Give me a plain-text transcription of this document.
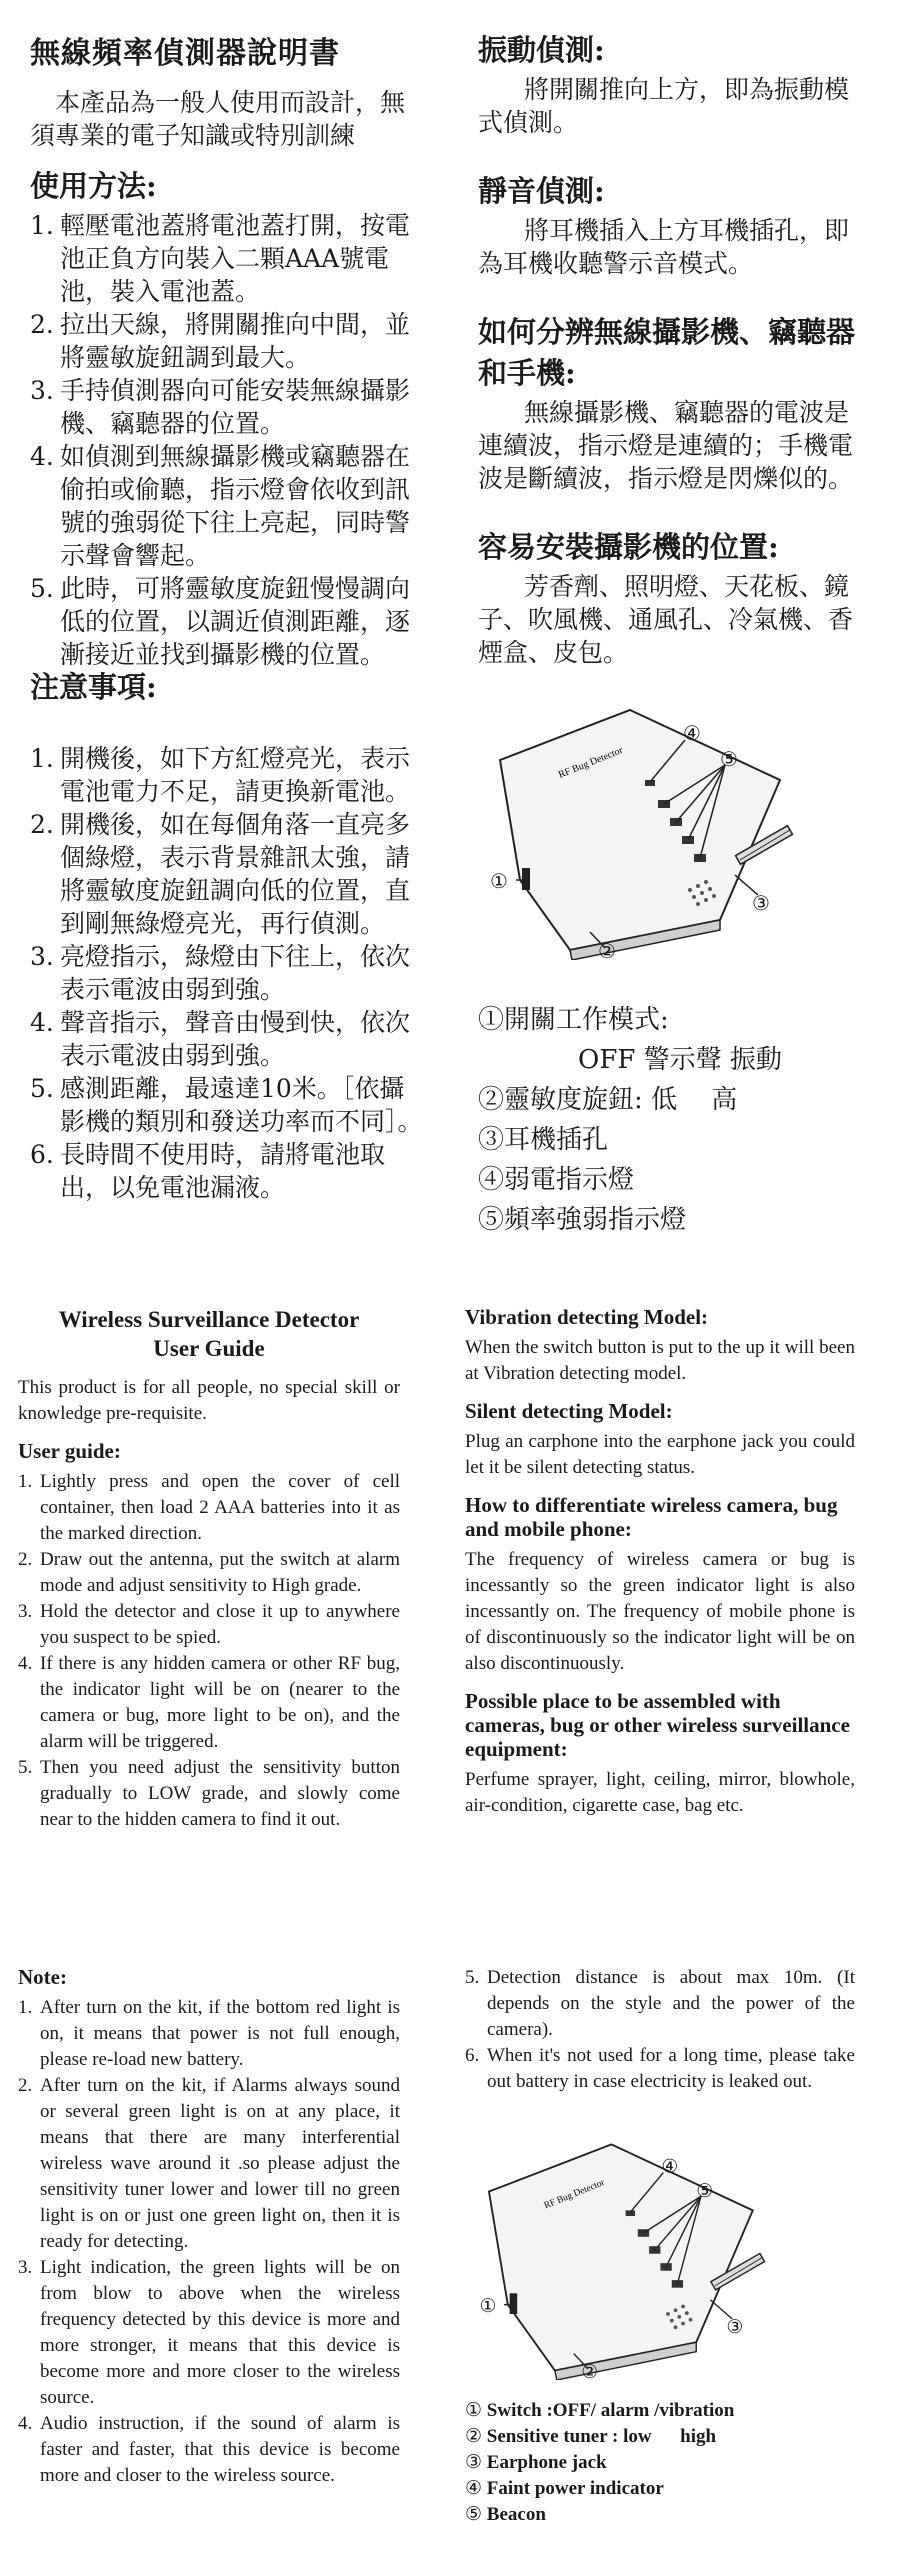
無線頻率偵測器說明書

本產品為一般人使用而設計，無須專業的電子知識或特別訓練

使用方法:
1. 輕壓電池蓋將電池蓋打開，按電池正負方向裝入二顆AAA號電池，裝入電池蓋。
2. 拉出天線，將開關推向中間，並將靈敏旋鈕調到最大。
3. 手持偵測器向可能安裝無線攝影機、竊聽器的位置。
4. 如偵測到無線攝影機或竊聽器在偷拍或偷聽，指示燈會依收到訊號的強弱從下往上亮起，同時警示聲會響起。
5. 此時，可將靈敏度旋鈕慢慢調向低的位置，以調近偵測距離，逐漸接近並找到攝影機的位置。
注意事項:
1. 開機後，如下方紅燈亮光，表示電池電力不足，請更換新電池。
2. 開機後，如在每個角落一直亮多個綠燈，表示背景雜訊太強，請將靈敏度旋鈕調向低的位置，直到剛無綠燈亮光，再行偵測。
3. 亮燈指示，綠燈由下往上，依次表示電波由弱到強。
4. 聲音指示，聲音由慢到快，依次表示電波由弱到強。
5. 感測距離，最遠達10米。［依攝影機的類別和發送功率而不同］。
6. 長時間不使用時，請將電池取出，以免電池漏液。
振動偵測:

將開關推向上方，即為振動模式偵測。

靜音偵測:

將耳機插入上方耳機插孔，即為耳機收聽警示音模式。

如何分辨無線攝影機、竊聽器和手機:

無線攝影機、竊聽器的電波是連續波，指示燈是連續的；手機電波是斷續波，指示燈是閃爍似的。

容易安裝攝影機的位置:

芳香劑、照明燈、天花板、鏡子、吹風機、通風孔、冷氣機、香煙盒、皮包。

RF Bug Detector
④
⑤
①
②
③
①開關工作模式:
OFF 警示聲 振動
②靈敏度旋鈕: 低　 高
③耳機插孔
④弱電指示燈
⑤頻率強弱指示燈
Wireless Surveillance Detector
User Guide

This product is for all people, no special skill or knowledge pre-requisite.

User guide:
1. Lightly press and open the cover of cell container, then load 2 AAA batteries into it as the marked direction.
2. Draw out the antenna, put the switch at alarm mode and adjust sensitivity to High grade.
3. Hold the detector and close it up to anywhere you suspect to be spied.
4. If there is any hidden camera or other RF bug, the indicator light will be on (nearer to the camera or bug, more light to be on), and the alarm will be triggered.
5. Then you need adjust the sensitivity button gradually to LOW grade, and slowly come near to the hidden camera to find it out.
Note:
1. After turn on the kit, if the bottom red light is on, it means that power is not full enough, please re-load new battery.
2. After turn on the kit, if Alarms always sound or several green light is on at any place, it means that there are many interferential wireless wave around it .so please adjust the sensitivity tuner lower and lower till no green light is on or just one green light on, then it is ready for detecting.
3. Light indication, the green lights will be on from blow to above when the wireless frequency detected by this device is more and more stronger, it means that this device is become more and more closer to the wireless source.
4. Audio instruction, if the sound of alarm is faster and faster, that this device is become more and closer to the wireless source.
Vibration detecting Model:

When the switch button is put to the up it will been at Vibration detecting model.

Silent detecting Model:

Plug an carphone into the earphone jack you could let it be silent detecting status.

How to differentiate wireless camera, bug and mobile phone:

The frequency of wireless camera or bug is incessantly so the green indicator light is also incessantly on. The frequency of mobile phone is of discontinuously so the indicator light will be on also discontinuously.

Possible place to be assembled with cameras, bug or other wireless surveillance equipment:

Perfume sprayer, light, ceiling, mirror, blowhole, air-condition, cigarette case, bag etc.

5. Detection distance is about max 10m. (It depends on the style and the power of the camera).
6. When it's not used for a long time, please take out battery in case electricity is leaked out.
RF Bug Detector
④
⑤
①
②
③
① Switch :OFF/ alarm /vibration
② Sensitive tuner : low      high
③ Earphone jack
④ Faint power indicator
⑤ Beacon
